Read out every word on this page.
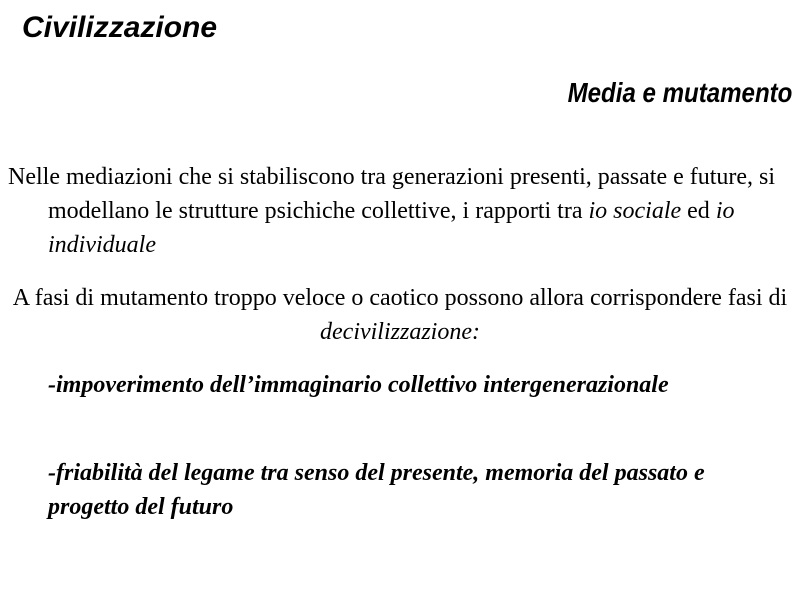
Civilizzazione
Media e mutamento

Nelle mediazioni che si stabiliscono tra generazioni presenti, passate e future, si modellano le strutture psichiche collettive, i rapporti tra io sociale ed io individuale

A fasi di mutamento troppo veloce o caotico possono allora corrispondere fasi di decivilizzazione:

-impoverimento dell’immaginario collettivo intergenerazionale

-friabilità del legame tra senso del presente, memoria del passato e progetto del futuro
